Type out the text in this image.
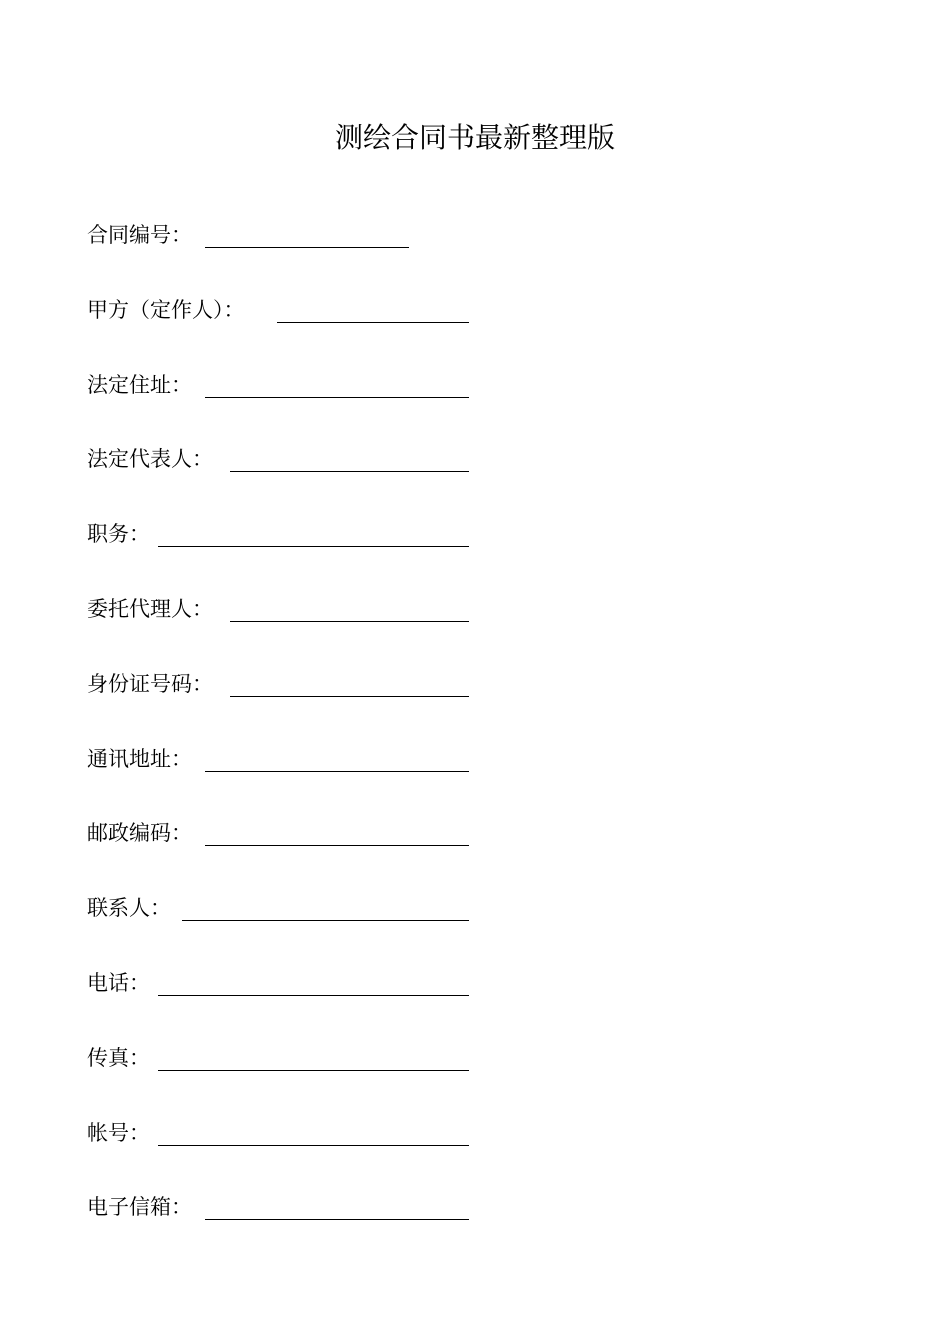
测绘合同书最新整理版
合同编号：
甲方（定作人）：
法定住址：
法定代表人：
职务：
委托代理人：
身份证号码：
通讯地址：
邮政编码：
联系人：
电话：
传真：
帐号：
电子信箱：
